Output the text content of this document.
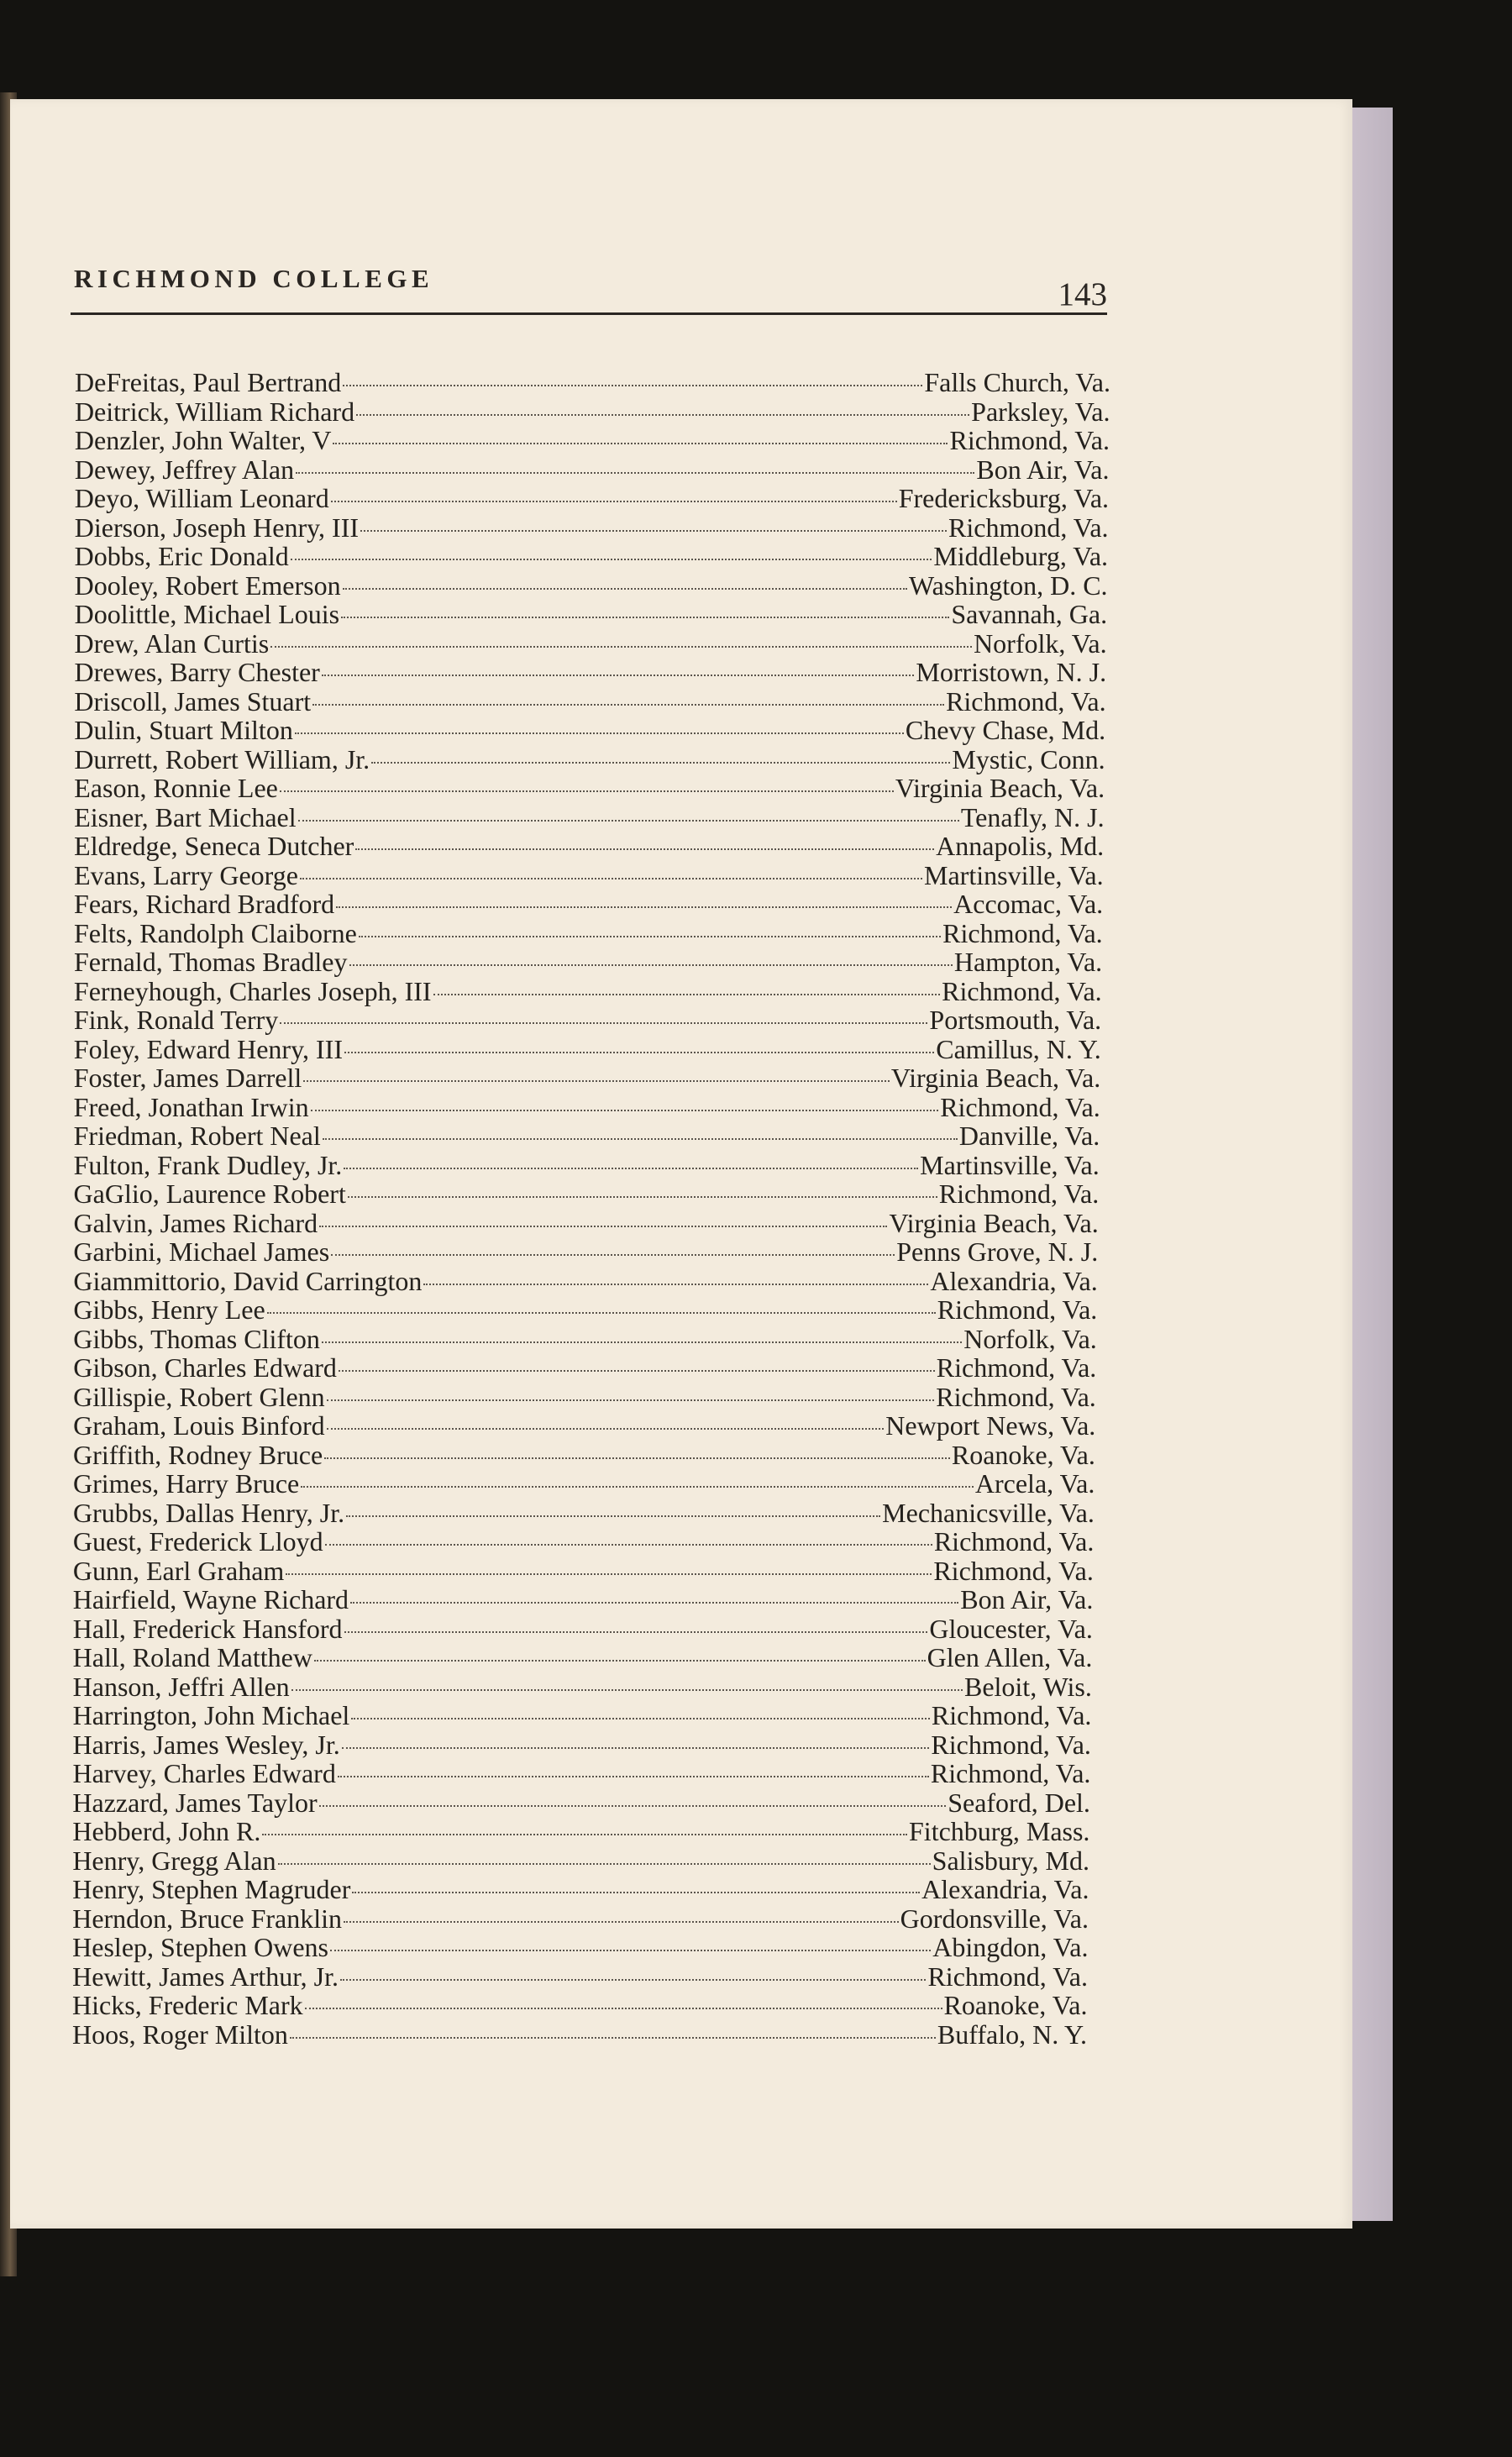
RICHMOND COLLEGE	143
DeFreitas, Paul Bertrand	Falls Church, Va.
Deitrick, William Richard	Parksley, Va.
Denzler, John Walter, V	Richmond, Va.
Dewey, Jeffrey Alan	Bon Air, Va.
Deyo, William Leonard	Fredericksburg, Va.
Dierson, Joseph Henry, III	Richmond, Va.
Dobbs, Eric Donald	Middleburg, Va.
Dooley, Robert Emerson	Washington, D. C.
Doolittle, Michael Louis	Savannah, Ga.
Drew, Alan Curtis	Norfolk, Va.
Drewes, Barry Chester	Morristown, N. J.
Driscoll, James Stuart	Richmond, Va.
Dulin, Stuart Milton	Chevy Chase, Md.
Durrett, Robert William, Jr.	Mystic, Conn.
Eason, Ronnie Lee	Virginia Beach, Va.
Eisner, Bart Michael	Tenafly, N. J.
Eldredge, Seneca Dutcher	Annapolis, Md.
Evans, Larry George	Martinsville, Va.
Fears, Richard Bradford	Accomac, Va.
Felts, Randolph Claiborne	Richmond, Va.
Fernald, Thomas Bradley	Hampton, Va.
Ferneyhough, Charles Joseph, III	Richmond, Va.
Fink, Ronald Terry	Portsmouth, Va.
Foley, Edward Henry, III	Camillus, N. Y.
Foster, James Darrell	Virginia Beach, Va.
Freed, Jonathan Irwin	Richmond, Va.
Friedman, Robert Neal	Danville, Va.
Fulton, Frank Dudley, Jr.	Martinsville, Va.
GaGlio, Laurence Robert	Richmond, Va.
Galvin, James Richard	Virginia Beach, Va.
Garbini, Michael James	Penns Grove, N. J.
Giammittorio, David Carrington	Alexandria, Va.
Gibbs, Henry Lee	Richmond, Va.
Gibbs, Thomas Clifton	Norfolk, Va.
Gibson, Charles Edward	Richmond, Va.
Gillispie, Robert Glenn	Richmond, Va.
Graham, Louis Binford	Newport News, Va.
Griffith, Rodney Bruce	Roanoke, Va.
Grimes, Harry Bruce	Arcela, Va.
Grubbs, Dallas Henry, Jr.	Mechanicsville, Va.
Guest, Frederick Lloyd	Richmond, Va.
Gunn, Earl Graham	Richmond, Va.
Hairfield, Wayne Richard	Bon Air, Va.
Hall, Frederick Hansford	Gloucester, Va.
Hall, Roland Matthew	Glen Allen, Va.
Hanson, Jeffri Allen	Beloit, Wis.
Harrington, John Michael	Richmond, Va.
Harris, James Wesley, Jr.	Richmond, Va.
Harvey, Charles Edward	Richmond, Va.
Hazzard, James Taylor	Seaford, Del.
Hebberd, John R.	Fitchburg, Mass.
Henry, Gregg Alan	Salisbury, Md.
Henry, Stephen Magruder	Alexandria, Va.
Herndon, Bruce Franklin	Gordonsville, Va.
Heslep, Stephen Owens	Abingdon, Va.
Hewitt, James Arthur, Jr.	Richmond, Va.
Hicks, Frederic Mark	Roanoke, Va.
Hoos, Roger Milton	Buffalo, N. Y.
